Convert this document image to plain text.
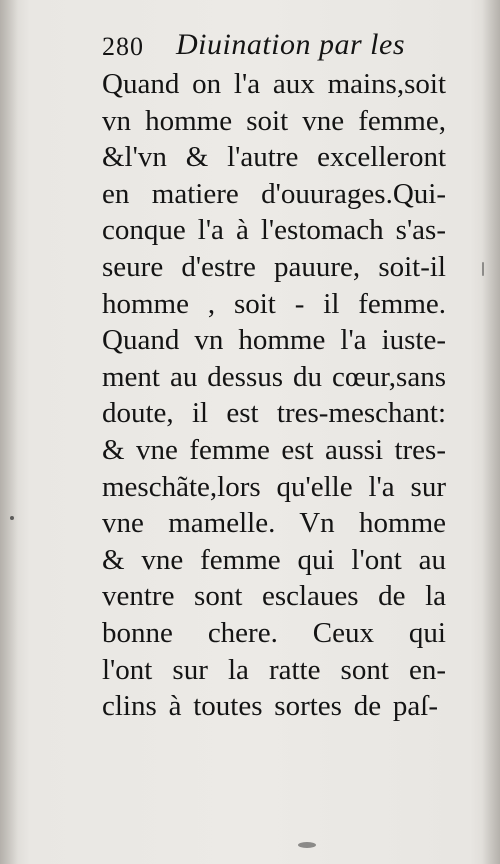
280 Diuination par les
Quand on l'a aux mains,soit
vn homme soit vne femme,
&l'vn & l'autre excelleront
en matiere d'ouurages.Qui-
conque l'a à l'estomach s'as-
seure d'estre pauure, soit-il
homme , soit - il femme.
Quand vn homme l'a iuste-
ment au dessus du cœur,sans
doute, il est tres-meschant:
& vne femme est aussi tres-
meschãte,lors qu'elle l'a sur
vne mamelle. Vn homme
& vne femme qui l'ont au
ventre sont esclaues de la
bonne chere. Ceux qui
l'ont sur la ratte sont en-
clins à toutes sortes de paſ-
